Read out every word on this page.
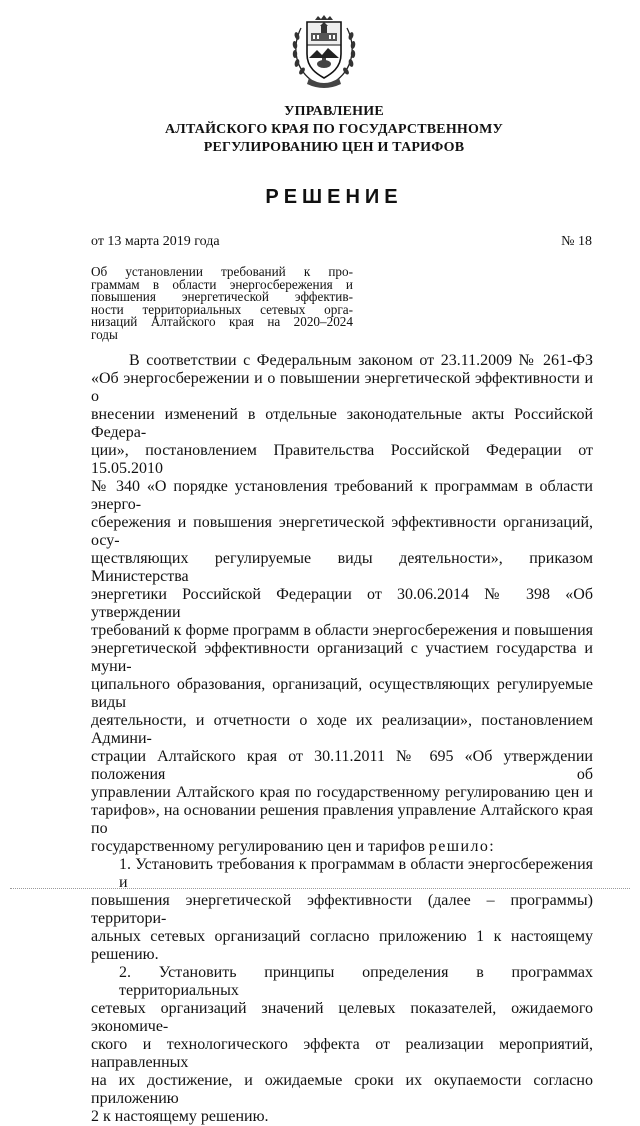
УПРАВЛЕНИЕ
АЛТАЙСКОГО КРАЯ ПО ГОСУДАРСТВЕННОМУ
РЕГУЛИРОВАНИЮ ЦЕН И ТАРИФОВ
РЕШЕНИЕ
от 13 марта 2019 года	№ 18
Об установлении требований к про-
граммам в области энергосбережения и
повышения энергетической эффектив-
ности территориальных сетевых орга-
низаций Алтайского края на 2020–2024
годы

В соответствии с Федеральным законом от 23.11.2009 № 261-ФЗ
«Об энергосбережении и о повышении энергетической эффективности и о
внесении изменений в отдельные законодательные акты Российской Федера-
ции», постановлением Правительства Российской Федерации от 15.05.2010
№ 340 «О порядке установления требований к программам в области энерго-
сбережения и повышения энергетической эффективности организаций, осу-
ществляющих регулируемые виды деятельности», приказом Министерства
энергетики Российской Федерации от 30.06.2014 № 398 «Об утверждении
требований к форме программ в области энергосбережения и повышения
энергетической эффективности организаций с участием государства и муни-
ципального образования, организаций, осуществляющих регулируемые виды
деятельности, и отчетности о ходе их реализации», постановлением Админи-
страции Алтайского края от 30.11.2011 № 695 «Об утверждении положения об
управлении Алтайского края по государственному регулированию цен и
тарифов», на основании решения правления управление Алтайского края по
государственному регулированию цен и тарифов решило:

1. Установить требования к программам в области энергосбережения и
повышения энергетической эффективности (далее – программы) территори-
альных сетевых организаций согласно приложению 1 к настоящему решению.

2. Установить принципы определения в программах территориальных
сетевых организаций значений целевых показателей, ожидаемого экономиче-
ского и технологического эффекта от реализации мероприятий, направленных
на их достижение, и ожидаемые сроки их окупаемости согласно приложению
2 к настоящему решению.
